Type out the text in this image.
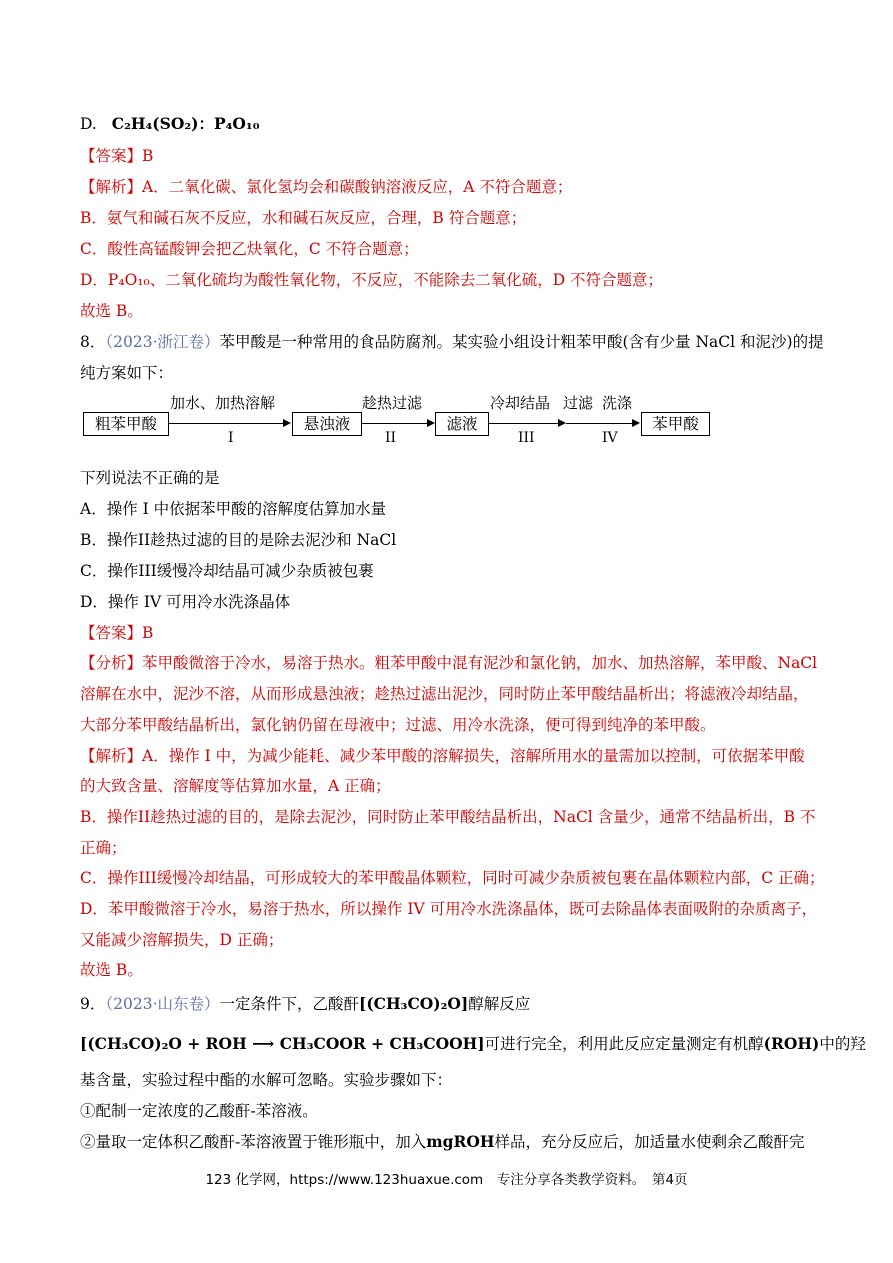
D. C₂H₄(SO₂)：P₄O₁₀
【答案】B
【解析】A．二氧化碳、氯化氢均会和碳酸钠溶液反应，A 不符合题意；
B．氨气和碱石灰不反应，水和碱石灰反应，合理，B 符合题意；
C．酸性高锰酸钾会把乙炔氧化，C 不符合题意；
D．P₄O₁₀、二氧化硫均为酸性氧化物，不反应，不能除去二氧化硫，D 不符合题意；
故选 B。
8．（2023·浙江卷）苯甲酸是一种常用的食品防腐剂。某实验小组设计粗苯甲酸(含有少量 NaCl 和泥沙)的提
纯方案如下：
粗苯甲酸
加水、加热溶解
I
悬浊液
趁热过滤
II
滤液
冷却结晶 过滤 洗涤
III	IV
苯甲酸
下列说法不正确的是
A．操作 I 中依据苯甲酸的溶解度估算加水量
B．操作II趁热过滤的目的是除去泥沙和 NaCl
C．操作III缓慢冷却结晶可减少杂质被包裹
D．操作 IV 可用冷水洗涤晶体
【答案】B
【分析】苯甲酸微溶于冷水，易溶于热水。粗苯甲酸中混有泥沙和氯化钠，加水、加热溶解，苯甲酸、NaCl
溶解在水中，泥沙不溶，从而形成悬浊液；趁热过滤出泥沙，同时防止苯甲酸结晶析出；将滤液冷却结晶，
大部分苯甲酸结晶析出，氯化钠仍留在母液中；过滤、用冷水洗涤，便可得到纯净的苯甲酸。
【解析】A．操作 I 中，为减少能耗、减少苯甲酸的溶解损失，溶解所用水的量需加以控制，可依据苯甲酸
的大致含量、溶解度等估算加水量，A 正确；
B．操作II趁热过滤的目的，是除去泥沙，同时防止苯甲酸结晶析出，NaCl 含量少，通常不结晶析出，B 不
正确；
C．操作III缓慢冷却结晶，可形成较大的苯甲酸晶体颗粒，同时可减少杂质被包裹在晶体颗粒内部，C 正确；
D．苯甲酸微溶于冷水，易溶于热水，所以操作 IV 可用冷水洗涤晶体，既可去除晶体表面吸附的杂质离子，
又能减少溶解损失，D 正确；
故选 B。
9．（2023·山东卷）一定条件下，乙酸酐[(CH₃CO)₂O]醇解反应
[(CH₃CO)₂O + ROH ⟶ CH₃COOR + CH₃COOH]可进行完全，利用此反应定量测定有机醇(ROH)中的羟
基含量，实验过程中酯的水解可忽略。实验步骤如下：
①配制一定浓度的乙酸酐-苯溶液。
②量取一定体积乙酸酐-苯溶液置于锥形瓶中，加入mgROH样品，充分反应后，加适量水使剩余乙酸酐完
123 化学网，https://www.123huaxue.com　专注分享各类教学资料。　第4页
